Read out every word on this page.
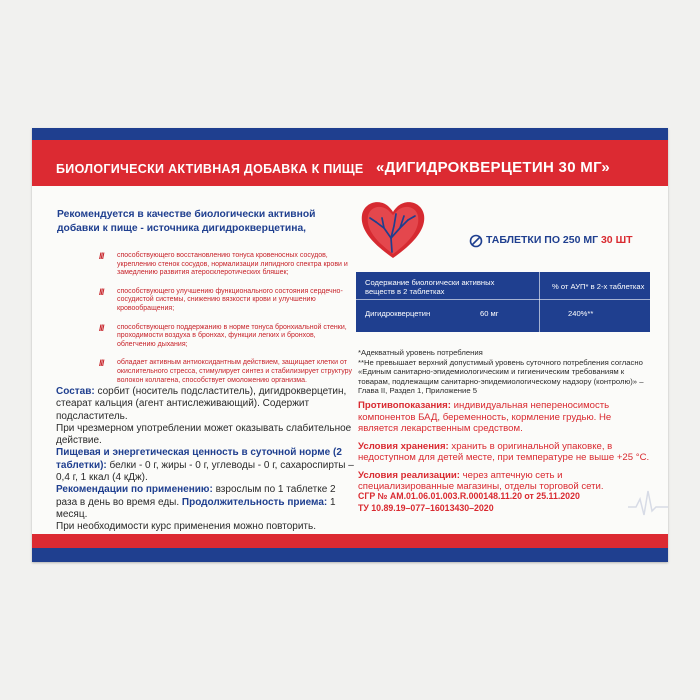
БИОЛОГИЧЕСКИ АКТИВНАЯ ДОБАВКА К ПИЩЕ «ДИГИДРОКВЕРЦЕТИН 30 МГ»
Рекомендуется в качестве биологически активной добавки к пище - источника дигидрокверцетина,
/// способствующего восстановлению тонуса кровеносных сосудов, укреплению стенок сосудов, нормализации липидного спектра крови и замедлению развития атеросклеротических бляшек;
/// способствующего улучшению функционального состояния сердечно-сосудистой системы, снижению вязкости крови и улучшению кровообращения;
/// способствующего поддержанию в норме тонуса бронхиальной стенки, проходимости воздуха в бронхах, функции легких и бронхов, облегчению дыхания;
/// обладает активным антиоксидантным действием, защищает клетки от окислительного стресса, стимулирует синтез и стабилизирует структуру волокон коллагена, способствует омоложению организма.
Состав: сорбит (носитель подсластитель), дигидрокверцетин, стеарат кальция (агент антислеживающий). Содержит подсластитель.
При чрезмерном употреблении может оказывать слабительное действие.
Пищевая и энергетическая ценность в суточной норме (2 таблетки): белки - 0 г, жиры - 0 г, углеводы - 0 г, сахароспирты – 0,4 г, 1 ккал (4 кДж).
Рекомендации по применению: взрослым по 1 таблетке 2 раза в день во время еды. Продолжительность приема: 1 месяц.
При необходимости курс применения можно повторить.
ТАБЛЕТКИ ПО 250 МГ 30 ШТ
Содержание биологически активных веществ в 2 таблетках
% от АУП* в 2-х таблетках
Дигидрокверцетин	60 мг	240%**
*Адекватный уровень потребления
**Не превышает верхний допустимый уровень суточного потребления согласно «Единым санитарно-эпидемиологическим и гигиеническим требованиям к товарам, подлежащим санитарно-эпидемиологическому надзору (контролю)» – Глава II, Раздел 1, Приложение 5

Противопоказания: индивидуальная непереносимость компонентов БАД, беременность, кормление грудью. Не является лекарственным средством.

Условия хранения: хранить в оригинальной упаковке, в недоступном для детей месте, при температуре не выше +25 °С.

Условия реализации: через аптечную сеть и специализированные магазины, отделы торговой сети.

СГР № AM.01.06.01.003.R.000148.11.20 от 25.11.2020
ТУ 10.89.19–077–16013430–2020
